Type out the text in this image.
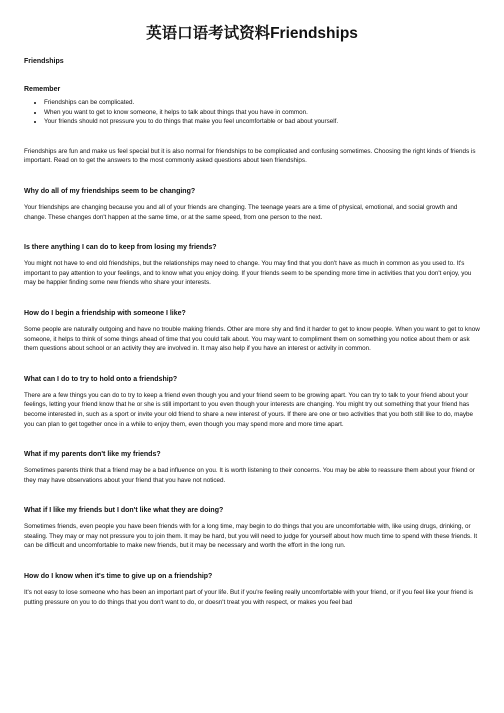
英语口语考试资料Friendships
Friendships
Remember
• Friendships can be complicated.
• When you want to get to know someone, it helps to talk about things that you have in common.
• Your friends should not pressure you to do things that make you feel uncomfortable or bad about yourself.

Friendships are fun and make us feel special but it is also normal for friendships to be complicated and confusing sometimes. Choosing the right kinds of friends is important. Read on to get the answers to the most commonly asked questions about teen friendships.

Why do all of my friendships seem to be changing?

Your friendships are changing because you and all of your friends are changing. The teenage years are a time of physical, emotional, and social growth and change. These changes don't happen at the same time, or at the same speed, from one person to the next.

Is there anything I can do to keep from losing my friends?

You might not have to end old friendships, but the relationships may need to change. You may find that you don't have as much in common as you used to. It's important to pay attention to your feelings, and to know what you enjoy doing. If your friends seem to be spending more time in activities that you don't enjoy, you may be happier finding some new friends who share your interests.

How do I begin a friendship with someone I like?

Some people are naturally outgoing and have no trouble making friends. Other are more shy and find it harder to get to know people. When you want to get to know someone, it helps to think of some things ahead of time that you could talk about. You may want to compliment them on something you notice about them or ask them questions about school or an activity they are involved in. It may also help if you have an interest or activity in common.

What can I do to try to hold onto a friendship?

There are a few things you can do to try to keep a friend even though you and your friend seem to be growing apart. You can try to talk to your friend about your feelings, letting your friend know that he or she is still important to you even though your interests are changing. You might try out something that your friend has become interested in, such as a sport or invite your old friend to share a new interest of yours. If there are one or two activities that you both still like to do, maybe you can plan to get together once in a while to enjoy them, even though you may spend more and more time apart.

What if my parents don't like my friends?

Sometimes parents think that a friend may be a bad influence on you. It is worth listening to their concerns. You may be able to reassure them about your friend or they may have observations about your friend that you have not noticed.

What if I like my friends but I don't like what they are doing?

Sometimes friends, even people you have been friends with for a long time, may begin to do things that you are uncomfortable with, like using drugs, drinking, or stealing. They may or may not pressure you to join them. It may be hard, but you will need to judge for yourself about how much time to spend with these friends. It can be difficult and uncomfortable to make new friends, but it may be necessary and worth the effort in the long run.

How do I know when it's time to give up on a friendship?

It's not easy to lose someone who has been an important part of your life. But if you're feeling really uncomfortable with your friend, or if you feel like your friend is putting pressure on you to do things that you don't want to do, or doesn't treat you with respect, or makes you feel bad
